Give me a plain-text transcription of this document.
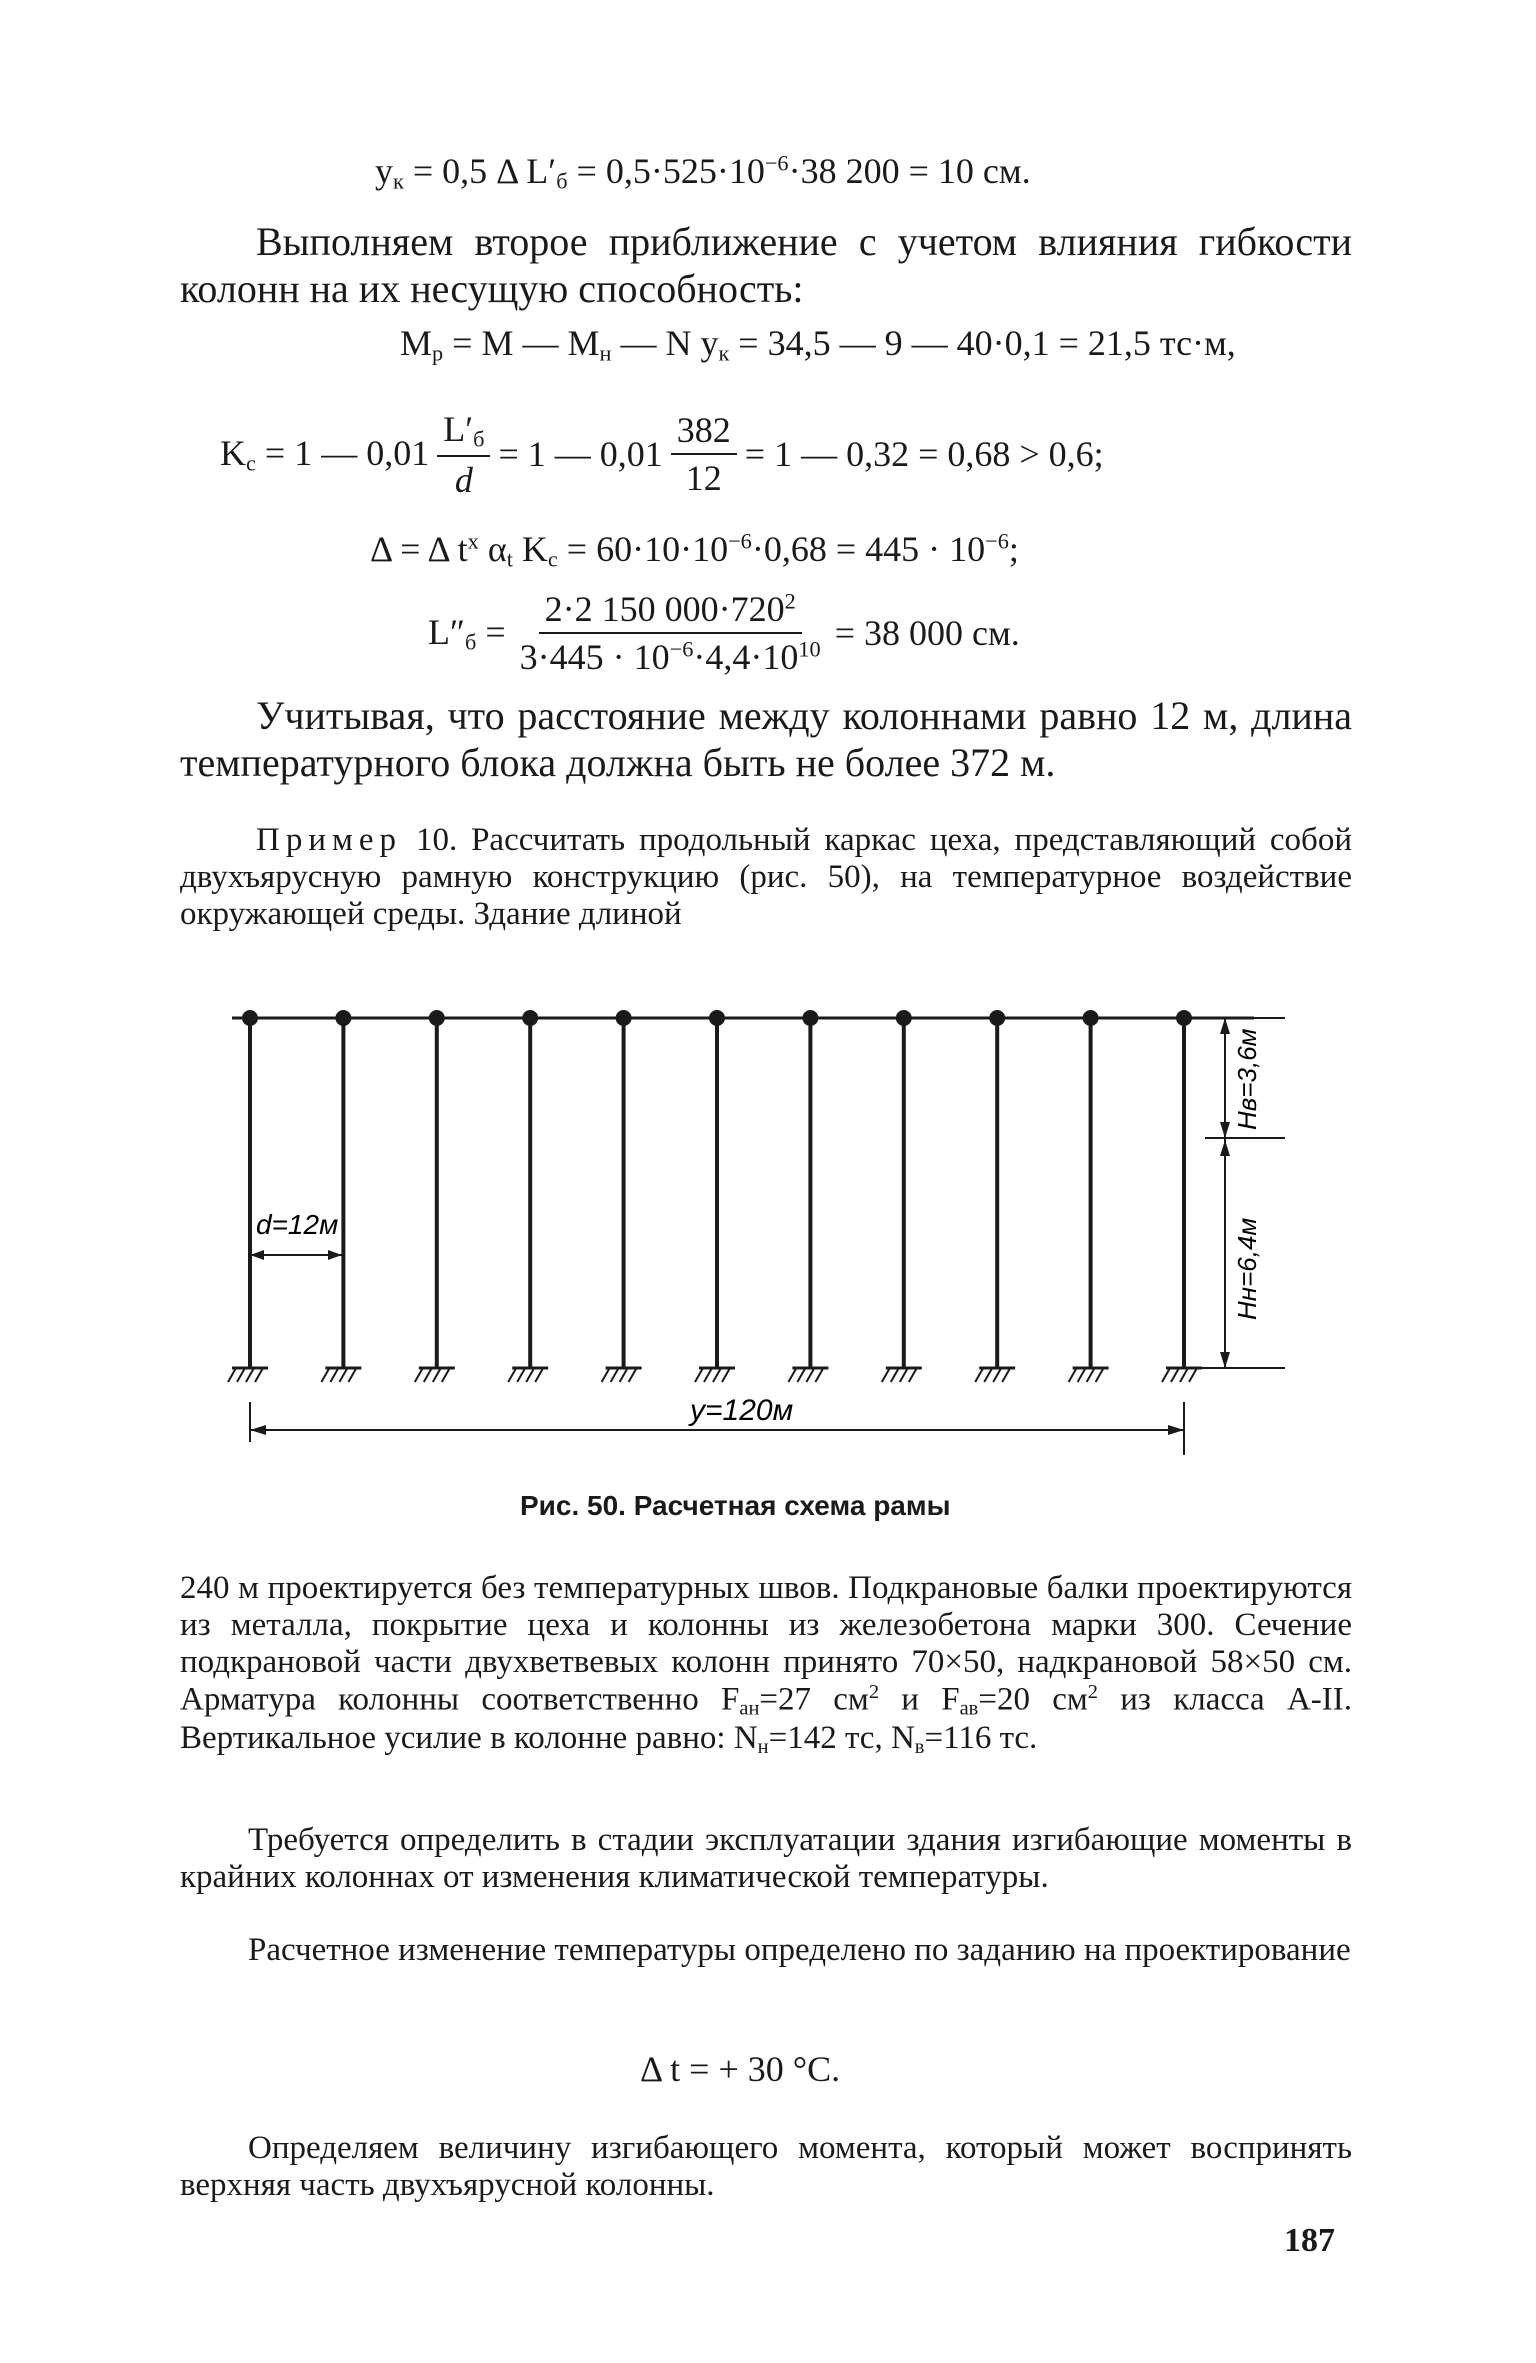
$y_к = 0,5$ Δ $L'_б = 0,5\cdot 525\cdot 10^{-6}\cdot 38$ 200 = 10 см.
Выполняем второе приближение с учетом влияния гибкости колонн на их несущую способность:
$M_p = M$ — $M_н$ — N $y_к = 34,5$ — 9 — 40·0,1 = 21,5 тс·м,
$K_c = 1$ — $0,01 \frac{L'_б}{d} = 1$ — $0,01 \frac{382}{12} = 1$ — 0,32 = 0,68 > 0,6;
Δ = Δ $t^x$ $\alpha_t$ $K_c = 60\cdot 10\cdot 10^{-6}\cdot 0,68 = 445 \cdot 10^{-6}$;
$L''_б = \frac{2\cdot 2 150 000\cdot 720^2}{3\cdot 445 \cdot 10^{-6}\cdot 4,4\cdot 10^{10}} = 38$ 000 см.
Учитывая, что расстояние между колоннами равно 12 м, длина температурного блока должна быть не более 372 м.
Пример 10. Рассчитать продольный каркас цеха, представляющий собой двухъярусную рамную конструкцию (рис. 50), на температурное воздействие окружающей среды. Здание длиной
d=12м
y=120м
Hв=3,6м
Hн=6,4м
Рис. 50. Расчетная схема рамы
240 м проектируется без температурных швов. Подкрановые балки проектируются из металла, покрытие цеха и колонны из железобетона марки 300. Сечение подкрановой части двухветвевых колонн принято 70×50, надкрановой 58×50 см. Арматура колонны соответственно $F_{ан}=27$ $см^2$ и $F_{ав}=20$ $см^2$ из класса А-II. Вертикальное усилие в колонне равно: $N_н=142$ тс, $N_в=116$ тс.
Требуется определить в стадии эксплуатации здания изгибающие моменты в крайних колоннах от изменения климатической температуры.
Расчетное изменение температуры определено по заданию на проектирование
Δ t = + 30 °C.
Определяем величину изгибающего момента, который может воспринять верхняя часть двухъярусной колонны.
187
